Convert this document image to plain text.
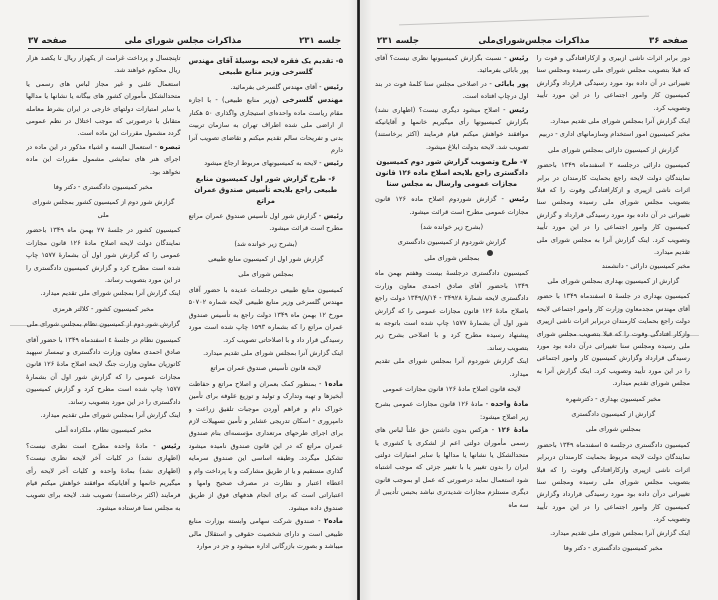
جلسه ۲۳۱
مذاکرات مجلس شورای ملی
صفحه ۳۷

۵- تقدیم یک فقره لایحه بوسیلهٔ آقای مهندس گلسرخی وزیر منابع طبیعی

رئیس - آقای مهندس گلسرخی بفرمائید.

مهندس گلسرخی (وزیر منابع طبیعی) - با اجازه مقام ریاست ماده واحده‌ای استیجاری واگذاری ۵۰ هکتار از اراضی ملی شده اطراف تهران به سازمان تربیت بدنی و تفریحات سالم تقدیم میکنم و تقاضای تصویب آنرا دارم

رئیس - لایحه به کمیسیونهای مربوط ارجاع میشود

۶- طرح گزارش شور اول کمیسیون منابع طبیعی راجع بلایحه تأسیس صندوق عمران مراتع

رئیس - گزارش شور اول تأسیس صندوق عمران مراتع مطرح است قرائت میشود.

(بشرح زیر خوانده شد)

گزارش شور اول از کمیسیون منابع طبیعی

بمجلس شورای ملی

کمیسیون منابع طبیعی درجلسات عدیده با حضور آقای مهندس گلسرخی وزیر منابع طبیعی لایحه شماره ۵۰۷۰۲ مورخ ۱۲ بهمن ماه ۱۳۴۹ دولت راجع به تأسیس صندوق عمران مراتع را که بشماره ۱۵۹۳ چاپ شده است مورد رسیدگی قرار داد و با اصلاحاتی تصویب کرد.

اینک گزارش آنرا بمجلس شورای ملی تقدیم میدارد.

لایحه قانون تأسیس صندوق عمران مراتع

ماده۱ - بمنظور کمک بعمران و اصلاح مراتع و حفاظت آبخیزها و تهیه وتدارک و تولید و توزیع علوفه برای تأمین خوراک دام و فراهم آوردن موجبات تلفیق زراعت و دامپروری - اسکان تدریجی عشایر و تأمین تسهیلات لازم برای اجرای طرحهای مرتعداری مؤسسه‌ای بنام صندوق عمران مراتع که در این قانون صندوق نامیده میشود تشکیل میگردد. وظیفه اساسی این صندوق سرمایه گذاری مستقیم و یا از طریق مشارکت و یا پرداخت وام و اعطاء اعتبار و نظارت در مصرف صحیح وامها و اعتباراتی است که برای انجام هدفهای فوق از طریق صندوق داده میشود.

ماده۲ - صندوق شرکت سهامی وابسته بوزارت منابع طبیعی است و دارای شخصیت حقوقی و استقلال مالی میباشد و بصورت بازرگانی اداره میشود و جز در موارد

تاپنجسال و پرداخت غرامت از یکهزار ریال تا یکصد هزار ریال محکوم خواهند شد.

استعمال علنی و غیر مجاز لباس های رسمی یا متحدالشکل مأموران کشور های بیگانه یا نشانها یا مدالها یا سایر امتیازات دولتهای خارجی در ایران بشرط معامله متقابل یا درصورتی که موجب اختلال در نظم عمومی گردد مشمول مقررات این ماده است.

تبصره - استعمال البسه و اشیاء مذکور در این ماده در اجرای هنر های نمایشی مشمول مقررات این ماده نخواهد بود.

مخبر کمیسیون دادگستری - دکتر وفا

گزارش شور دوم از کمیسیون کشور بمجلس شورای ملی

کمیسیون کشور در جلسهٔ ۲۷ بهمن ماه ۱۳۴۹ باحضور نمایندگان دولت لایحه اصلاح مادهٔ ۱۲۶ قانون مجازات عمومی را که گزارش شور اول آن بشمارهٔ ۱۵۷۷ چاپ شده است مطرح کرد و گزارش کمیسیون دادگستری را در این مورد بتصویب رساند.

اینک گزارش آنرا بمجلس شورای ملی تقدیم میدارد.

مخبر کمیسیون کشور - کلالتر هرمزی

گزارش شور دوم از کمیسیون نظام بمجلس شورای ملی

کمیسیون نظام در جلسهٔ ٤ اسفندماه ۱۳۴۹ با حضور آقای صادق احمدی معاون وزارت دادگستری و تیمسار سپهبد کاتوزیان معاون وزارت جنگ لایحه اصلاح مادهٔ ۱۲۶ قانون مجازات عمومی را که گزارش شور اول آن بشمارهٔ ۱۵۷۷ چاپ شده است مطرح کرد و گزارش کمیسیون دادگستری را در این مورد بتصویب رساند.

اینک گزارش آنرا بمجلس شورای ملی تقدیم میدارد.

مخبر کمیسیون نظام، ملکزاده آملی

رئیس - مادهٔ واحده مطرح است نظری نیست؟ (اظهاری نشد) در کلیات آخر لایحه نظری نیست؟ (اظهاری نشد) بمادهٔ واحده و کلیات آخر لایحه رأی میگیریم خانمها و آقایانیکه موافقند خواهش میکنم قیام فرمایند (اکثر برخاستند) تصویب شد. لایحه برای تصویب به مجلس سنا فرستاده میشود.

صفحه ۳۶
مذاکرات مجلس‌شورای‌ملی
جلسه ۲۳۱

دور برابر اثرات ناشی ازبیری و ازکارافتادگی و فوت را که قبلا بتصویب مجلس شورای ملی رسیده ومجلس سنا تغییراتی در آن داده بود مورد رسیدگی قرارداد وگزارش کمیسیون کار وامور اجتماعی را در این مورد تأیید وتصویب کرد.

اینک گزارش آنرا بمجلس شورای ملی تقدیم میدارد.

مخبر کمیسیون امور استخدام وسازمانهای اداری - دربیم

گزارش از کمیسیون دارائی بمجلس شورای ملی

کمیسیون دارائی درجلسه ۲ اسفندماه ۱۳۴۹ باحضور نمایندگان دولت لایحه راجع بحمایت کارمندان در برابر اثرات ناشی ازپیری و ازکارافتادگی وفوت را که قبلا بتصویب مجلس شورای ملی رسیده ومجلس سنا تغییراتی در آن داده بود مورد رسیدگی قرارداد و گزارش کمیسیون کار وامور اجتماعی را در این مورد تأیید وتصویب کرد. اینک گزارش آنرا به مجلس شورای ملی تقدیم میدارد.

مخبر کمیسیون دارائی - دانشمند

گزارش از کمیسیون بهداری بمجلس شورای ملی

کمیسیون بهداری در جلسهٔ ۵ اسفندماه ۱۳۴۹ با حضور آقای مهندس مجدمعاون وزارت کار وامور اجتماعی لایحه دولت راجع بحمایت کارمندان دربرابر اثرات ناشی ازپیری وازکار افتادگی وفوت را که قبلا بتصویب مجلس شورای ملی رسیده ومجلس سنا تغییراتی درآن داده بود مورد رسیدگی قرارداد وگزارش کمیسیون کار وامور اجتماعی را در این مورد تأیید وتصویب کرد. اینک گزارش آنرا به مجلس شورای تقدیم میدارد.

مخبر کمیسیون بهداری - دکترشهره

گزارش از کمیسیون دادگستری

بمجلس شورای ملی

کمیسیون دادگستری درجلسه ۵ اسفندماه ۱۳۴۹ باحضور نمایندگان دولت لایحه مربوط بحمایت کارمندان دربرابر اثرات ناشی ازپیری وازکارافتادگی وفوت را که قبلا بتصویب مجلس شورای ملی رسیده ومجلس سنا تغییراتی درآن داده بود مورد رسیدگی قرارداد وگزارش کمیسیون کار وامور اجتماعی را در این مورد تأیید وتصویب کرد.

اینک گزارش آنرا بمجلس شورای ملی تقدیم میدارد.

مخبر کمیسیون دادگستری - دکتر وفا

رئیس - نسبت بگزارش کمیسیونها نظری نیست؟ آقای پور بابائی بفرمائید.

پور بابائی - در اصلاحی مجلس سنا کلمهٔ فوت در بند اول درچاپ افتاده است.

رئیس - اصلاح میشود دیگری نیست؟ (اظهاری نشد) بگزارش کمیسیونها رأی میگیریم خانمها و آقایانیکه موافقند خواهش میکنم قیام فرمایند (اکثر برخاستند) تصویب شد. لایحه بدولت ابلاغ میشود.

۷- طرح وتصویب گزارش شور دوم کمیسیون دادگستری راجع بلایحه اصلاح ماده ۱۲۶ قانون مجازات عمومی وارسال به مجلس سنا

رئیس - گزارش شوردوم اصلاح ماده ۱۲۶ قانون مجازات عمومی مطرح است قرائت میشود.

(بشرح زیر خوانده شد)

گزارش شوردوم از کمیسیون دادگستری

بمجلس شورای ملی

کمیسیون دادگستری درجلسهٔ بیست وهفتم بهمن ماه ۱۳۴۹ باحضور آقای صادق احمدی معاون وزارت دادگستری لایحه شمارهٔ ۳۴۹۲۸ - ۱۳۴۹/۸/۱۴ دولت راجع باصلاح مادهٔ ۱۲۶ قانون مجازات عمومی را که گزارش شور اول آن بشمارهٔ ۱۵۷۷ چاپ شده است باتوجه به پیشنهاد رسیده مطرح کرد و با اصلاحی بشرح زیر بتصویب رساند.

اینک گزارش شوردوم آنرا بمجلس شورای ملی تقدیم میدارد.

لایحه قانون اصلاح مادهٔ ۱۲۶ قانون مجازات عمومی

مادهٔ واحده - مادهٔ ۱۲۶ قانون مجازات عمومی بشرح زیر اصلاح میشود:

مادهٔ ۱۲۶ - هرکس بدون داشتن حق علناً لباس های رسمی مأموران دولتی اعم از لشکری یا کشوری یا متحدالشکل یا نشانها یا مدالها یا سایر امتیازات دولتی ایران را بدون تغییر یا با تغییر جزئی که موجب اشتباه شود استعمال نماید درصورتی که عمل او بموجب قانون دیگری مستلزم مجازات شدیدتری نباشد بحبس تأدیبی از سه ماه
